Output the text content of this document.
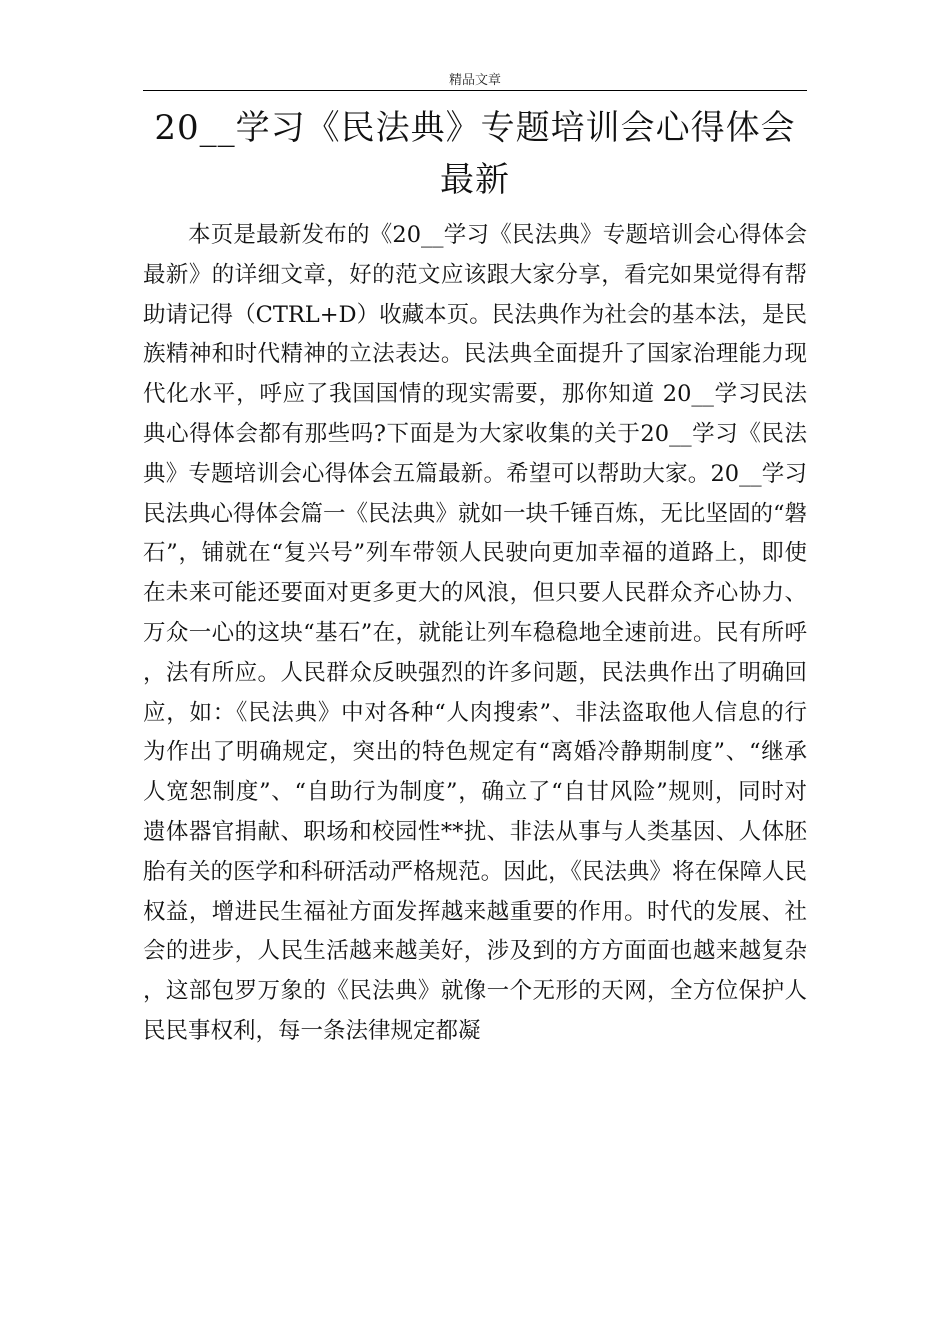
精品文章
20__学习《民法典》专题培训会心得体会最新

本页是最新发布的《20__学习《民法典》专题培训会心得体会最新》的详细文章，好的范文应该跟大家分享，看完如果觉得有帮助请记得（CTRL+D）收藏本页。民法典作为社会的基本法，是民族精神和时代精神的立法表达。民法典全面提升了国家治理能力现代化水平，呼应了我国国情的现实需要，那你知道 20__学习民法典心得体会都有那些吗?下面是为大家收集的关于20__学习《民法典》专题培训会心得体会五篇最新。希望可以帮助大家。20__学习民法典心得体会篇一《民法典》就如一块千锤百炼，无比坚固的“磐石”，铺就在“复兴号”列车带领人民驶向更加幸福的道路上，即使在未来可能还要面对更多更大的风浪，但只要人民群众齐心协力、万众一心的这块“基石”在，就能让列车稳稳地全速前进。民有所呼，法有所应。人民群众反映强烈的许多问题，民法典作出了明确回应，如：《民法典》中对各种“人肉搜索”、非法盗取他人信息的行为作出了明确规定，突出的特色规定有“离婚冷静期制度”、“继承人宽恕制度”、“自助行为制度”，确立了“自甘风险”规则，同时对遗体器官捐献、职场和校园性**扰、非法从事与人类基因、人体胚胎有关的医学和科研活动严格规范。因此，《民法典》将在保障人民权益，增进民生福祉方面发挥越来越重要的作用。时代的发展、社会的进步，人民生活越来越美好，涉及到的方方面面也越来越复杂，这部包罗万象的《民法典》就像一个无形的天网，全方位保护人民民事权利，每一条法律规定都凝
